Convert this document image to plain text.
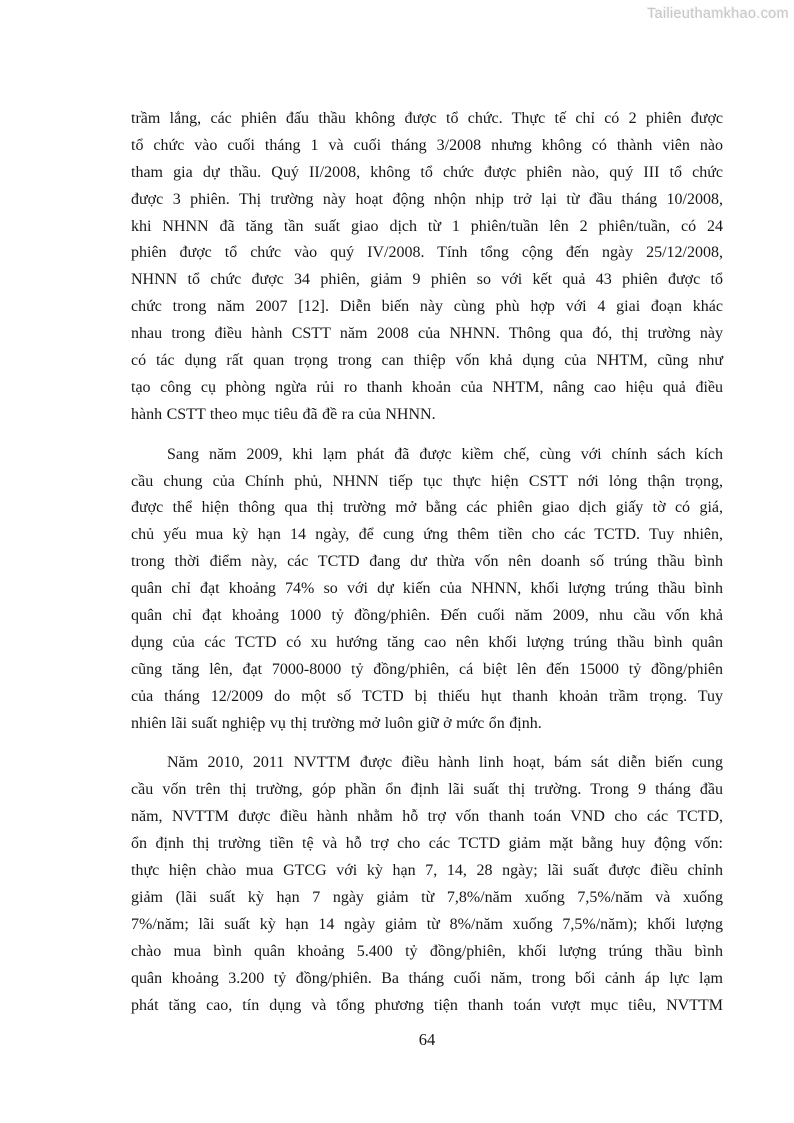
Tailieuthamkhao.com
trầm lắng, các phiên đấu thầu không được tổ chức. Thực tế chỉ có 2 phiên được
tổ chức vào cuối tháng 1 và cuối tháng 3/2008 nhưng không có thành viên nào
tham gia dự thầu. Quý II/2008, không tổ chức được phiên nào, quý III tổ chức
được 3 phiên. Thị trường này hoạt động nhộn nhịp trở lại từ đầu tháng 10/2008,
khi NHNN đã tăng tần suất giao dịch từ 1 phiên/tuần lên 2 phiên/tuần, có 24
phiên được tổ chức vào quý IV/2008. Tính tổng cộng đến ngày 25/12/2008,
NHNN tổ chức được 34 phiên, giảm 9 phiên so với kết quả 43 phiên được tổ
chức trong năm 2007 [12]. Diễn biến này cùng phù hợp với 4 giai đoạn khác
nhau trong điều hành CSTT năm 2008 của NHNN. Thông qua đó, thị trường này
có tác dụng rất quan trọng trong can thiệp vốn khả dụng của NHTM, cũng như
tạo công cụ phòng ngừa rủi ro thanh khoản của NHTM, nâng cao hiệu quả điều
hành CSTT theo mục tiêu đã đề ra của NHNN.
Sang năm 2009, khi lạm phát đã được kiềm chế, cùng với chính sách kích
cầu chung của Chính phủ, NHNN tiếp tục thực hiện CSTT nới lỏng thận trọng,
được thể hiện thông qua thị trường mở bằng các phiên giao dịch giấy tờ có giá,
chủ yếu mua kỳ hạn 14 ngày, để cung ứng thêm tiền cho các TCTD. Tuy nhiên,
trong thời điểm này, các TCTD đang dư thừa vốn nên doanh số trúng thầu bình
quân chỉ đạt khoảng 74% so với dự kiến của NHNN, khối lượng trúng thầu bình
quân chỉ đạt khoảng 1000 tỷ đồng/phiên. Đến cuối năm 2009, nhu cầu vốn khả
dụng của các TCTD có xu hướng tăng cao nên khối lượng trúng thầu bình quân
cũng tăng lên, đạt 7000-8000 tỷ đồng/phiên, cá biệt lên đến 15000 tỷ đồng/phiên
của tháng 12/2009 do một số TCTD bị thiếu hụt thanh khoản trầm trọng. Tuy
nhiên lãi suất nghiệp vụ thị trường mở luôn giữ ở mức ổn định.
Năm 2010, 2011 NVTTM được điều hành linh hoạt, bám sát diễn biến cung
cầu vốn trên thị trường, góp phần ổn định lãi suất thị trường. Trong 9 tháng đầu
năm, NVTTM được điều hành nhằm hỗ trợ vốn thanh toán VND cho các TCTD,
ổn định thị trường tiền tệ và hỗ trợ cho các TCTD giảm mặt bằng huy động vốn:
thực hiện chào mua GTCG với kỳ hạn 7, 14, 28 ngày; lãi suất được điều chỉnh
giảm (lãi suất kỳ hạn 7 ngày giảm từ 7,8%/năm xuống 7,5%/năm và xuống
7%/năm; lãi suất kỳ hạn 14 ngày giảm từ 8%/năm xuống 7,5%/năm); khối lượng
chào mua bình quân khoảng 5.400 tỷ đồng/phiên, khối lượng trúng thầu bình
quân khoảng 3.200 tỷ đồng/phiên. Ba tháng cuối năm, trong bối cảnh áp lực lạm
phát tăng cao, tín dụng và tổng phương tiện thanh toán vượt mục tiêu, NVTTM
64
